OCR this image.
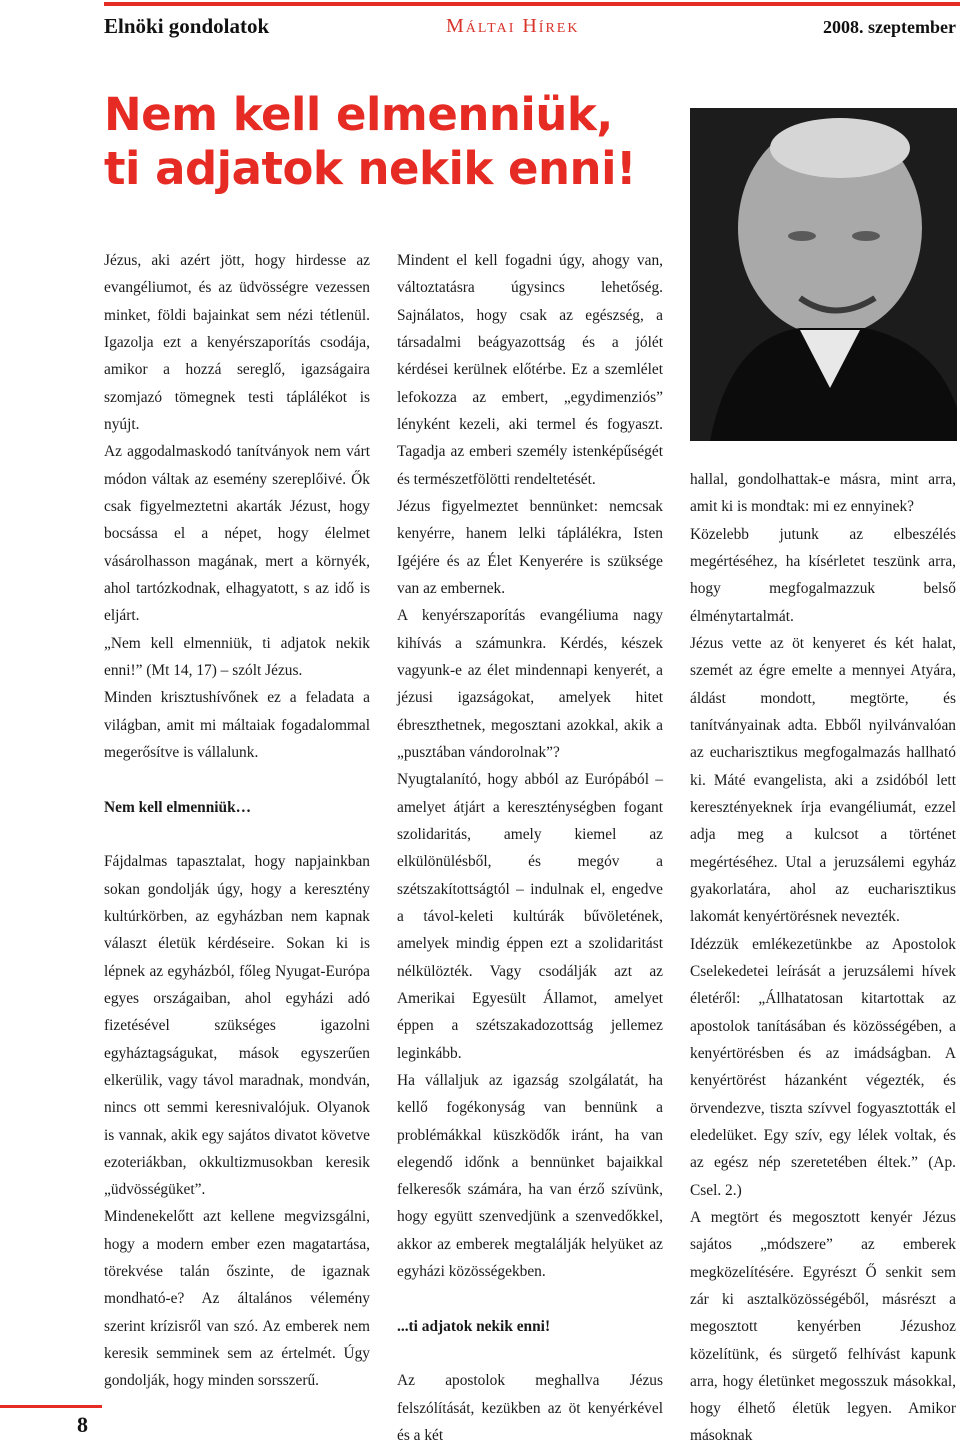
Elnöki gondolatok	Máltai Hírek	2008. szeptember
Nem kell elmenniük,
ti adjatok nekik enni!

Jézus, aki azért jött, hogy hirdesse az evangéliumot, és az üdvösségre vezessen minket, földi bajainkat sem nézi tétlenül. Igazolja ezt a kenyérszaporítás csodája, amikor a hozzá sereglő, igazságaira szomjazó tömegnek testi táplálékot is nyújt.

Az aggodalmaskodó tanítványok nem várt módon váltak az esemény szereplőivé. Ők csak figyelmeztetni akarták Jézust, hogy bocsássa el a népet, hogy élelmet vásárolhasson magának, mert a környék, ahol tartózkodnak, elhagyatott, s az idő is eljárt.

„Nem kell elmenniük, ti adjatok nekik enni!” (Mt 14, 17) – szólt Jézus.

Minden krisztushívőnek ez a feladata a világban, amit mi máltaiak fogadalommal megerősítve is vállalunk.

Nem kell elmenniük…

Fájdalmas tapasztalat, hogy napjainkban sokan gondolják úgy, hogy a keresztény kultúrkörben, az egyházban nem kapnak választ életük kérdéseire. Sokan ki is lépnek az egyházból, főleg Nyugat-Európa egyes országaiban, ahol egyházi adó fizetésével szükséges igazolni egyháztagságukat, mások egyszerűen elkerülik, vagy távol maradnak, mondván, nincs ott semmi keresnivalójuk. Olyanok is vannak, akik egy sajátos divatot követve ezoteriákban, okkultizmusokban keresik „üdvösségüket”.

Mindenekelőtt azt kellene megvizsgálni, hogy a modern ember ezen magatartása, törekvése talán őszinte, de igaznak mondható-e? Az általános vélemény szerint krízisről van szó. Az emberek nem keresik semminek sem az értelmét. Úgy gondolják, hogy minden sorsszerű.

Mindent el kell fogadni úgy, ahogy van, változtatásra úgysincs lehetőség. Sajnálatos, hogy csak az egészség, a társadalmi beágyazottság és a jólét kérdései kerülnek előtérbe. Ez a szemlélet lefokozza az embert, „egydimenziós” lényként kezeli, aki termel és fogyaszt. Tagadja az emberi személy istenképűségét és természetfölötti rendeltetését.

Jézus figyelmeztet bennünket: nemcsak kenyérre, hanem lelki táplálékra, Isten Igéjére és az Élet Kenyerére is szüksége van az embernek.

A kenyérszaporítás evangéliuma nagy kihívás a számunkra. Kérdés, készek vagyunk-e az élet mindennapi kenyerét, a jézusi igazságokat, amelyek hitet ébreszthetnek, megosztani azokkal, akik a „pusztában vándorolnak”?

Nyugtalanító, hogy abból az Európából – amelyet átjárt a kereszténységben fogant szolidaritás, amely kiemel az elkülönülésből, és megóv a szétszakítottságtól – indulnak el, engedve a távol-keleti kultúrák bűvöletének, amelyek mindig éppen ezt a szolidaritást nélkülözték. Vagy csodálják azt az Amerikai Egyesült Államot, amelyet éppen a szétszakadozottság jellemez leginkább.

Ha vállaljuk az igazság szolgálatát, ha kellő fogékonyság van bennünk a problémákkal küszködők iránt, ha van elegendő időnk a bennünket bajaikkal felkeresők számára, ha van érző szívünk, hogy együtt szenvedjünk a szenvedőkkel, akkor az emberek megtalálják helyüket az egyházi közösségekben.

...ti adjatok nekik enni!

Az apostolok meghallva Jézus felszólítását, kezükben az öt kenyérkével és a két

hallal, gondolhattak-e másra, mint arra, amit ki is mondtak: mi ez ennyinek?

Közelebb jutunk az elbeszélés megértéséhez, ha kísérletet teszünk arra, hogy megfogalmazzuk belső élménytartalmát.

Jézus vette az öt kenyeret és két halat, szemét az égre emelte a mennyei Atyára, áldást mondott, megtörte, és tanítványainak adta. Ebből nyilvánvalóan az eucharisztikus megfogalmazás hallható ki. Máté evangelista, aki a zsidóból lett keresztényeknek írja evangéliumát, ezzel adja meg a kulcsot a történet megértéséhez. Utal a jeruzsálemi egyház gyakorlatára, ahol az eucharisztikus lakomát kenyértörésnek nevezték.

Idézzük emlékezetünkbe az Apostolok Cselekedetei leírását a jeruzsálemi hívek életéről: „Állhatatosan kitartottak az apostolok tanításában és közösségében, a kenyértörésben és az imádságban. A kenyértörést házanként végezték, és örvendezve, tiszta szívvel fogyasztották el eledelüket. Egy szív, egy lélek voltak, és az egész nép szeretetében éltek.” (Ap. Csel. 2.)

A megtört és megosztott kenyér Jézus sajátos „módszere” az emberek megközelítésére. Egyrészt Ő senkit sem zár ki asztalközösségéből, másrészt a megosztott kenyérben Jézushoz közelítünk, és sürgető felhívást kapunk arra, hogy életünket megosszuk másokkal, hogy élhető életük legyen. Amikor másoknak

8
